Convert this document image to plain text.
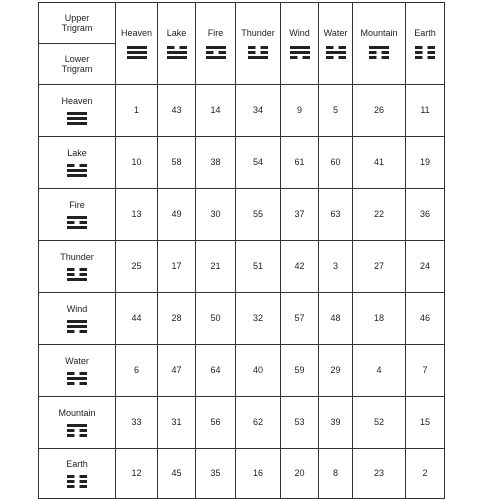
Upper
Trigram
Lower
Trigram	Heaven	Lake	Fire	Thunder	Wind	Water	Mountain	Earth

Heaven	1	43	14	34	9	5	26	11

Lake	10	58	38	54	61	60	41	19

Fire	13	49	30	55	37	63	22	36

Thunder	25	17	21	51	42	3	27	24

Wind	44	28	50	32	57	48	18	46

Water	6	47	64	40	59	29	4	7

Mountain	33	31	56	62	53	39	52	15

Earth	12	45	35	16	20	8	23	2
